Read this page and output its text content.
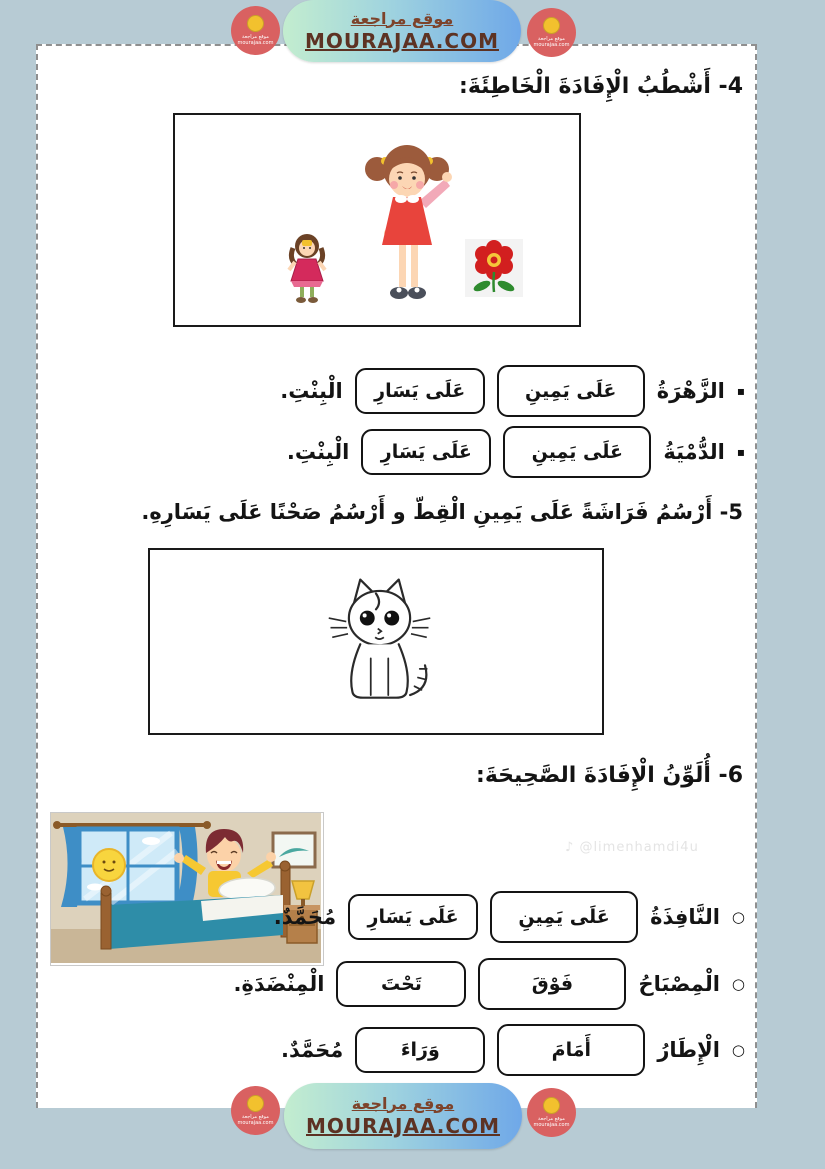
موقع مراجعة
MOURAJAA.COM
موقع مراجعة
mourajaa.com
موقع مراجعة
mourajaa.com
4- أَشْطُبُ الْإِفَادَةَ الْخَاطِئَةَ:
▪
الزَّهْرَةُ
عَلَى يَمِينِ
عَلَى يَسَارِ
الْبِنْتِ.
▪
الدُّمْيَةُ
عَلَى يَمِينِ
عَلَى يَسَارِ
الْبِنْتِ.
5- أَرْسُمُ فَرَاشَةً عَلَى يَمِينِ الْقِطّ و أَرْسُمُ صَحْنًا عَلَى يَسَارِهِ.
6- أُلَوِّنُ الْإِفَادَةَ الصَّحِيحَةَ:
♪ @limenhamdi4u
○
النَّافِذَةُ
عَلَى يَمِينِ
عَلَى يَسَارِ
مُحَمَّدٌ.
○
الْمِصْبَاحُ
فَوْقَ
تَحْتَ
الْمِنْضَدَةِ.
○
الْإِطَارُ
أَمَامَ
وَرَاءَ
مُحَمَّدٌ.
موقع مراجعة
MOURAJAA.COM
موقع مراجعة
mourajaa.com
موقع مراجعة
mourajaa.com
